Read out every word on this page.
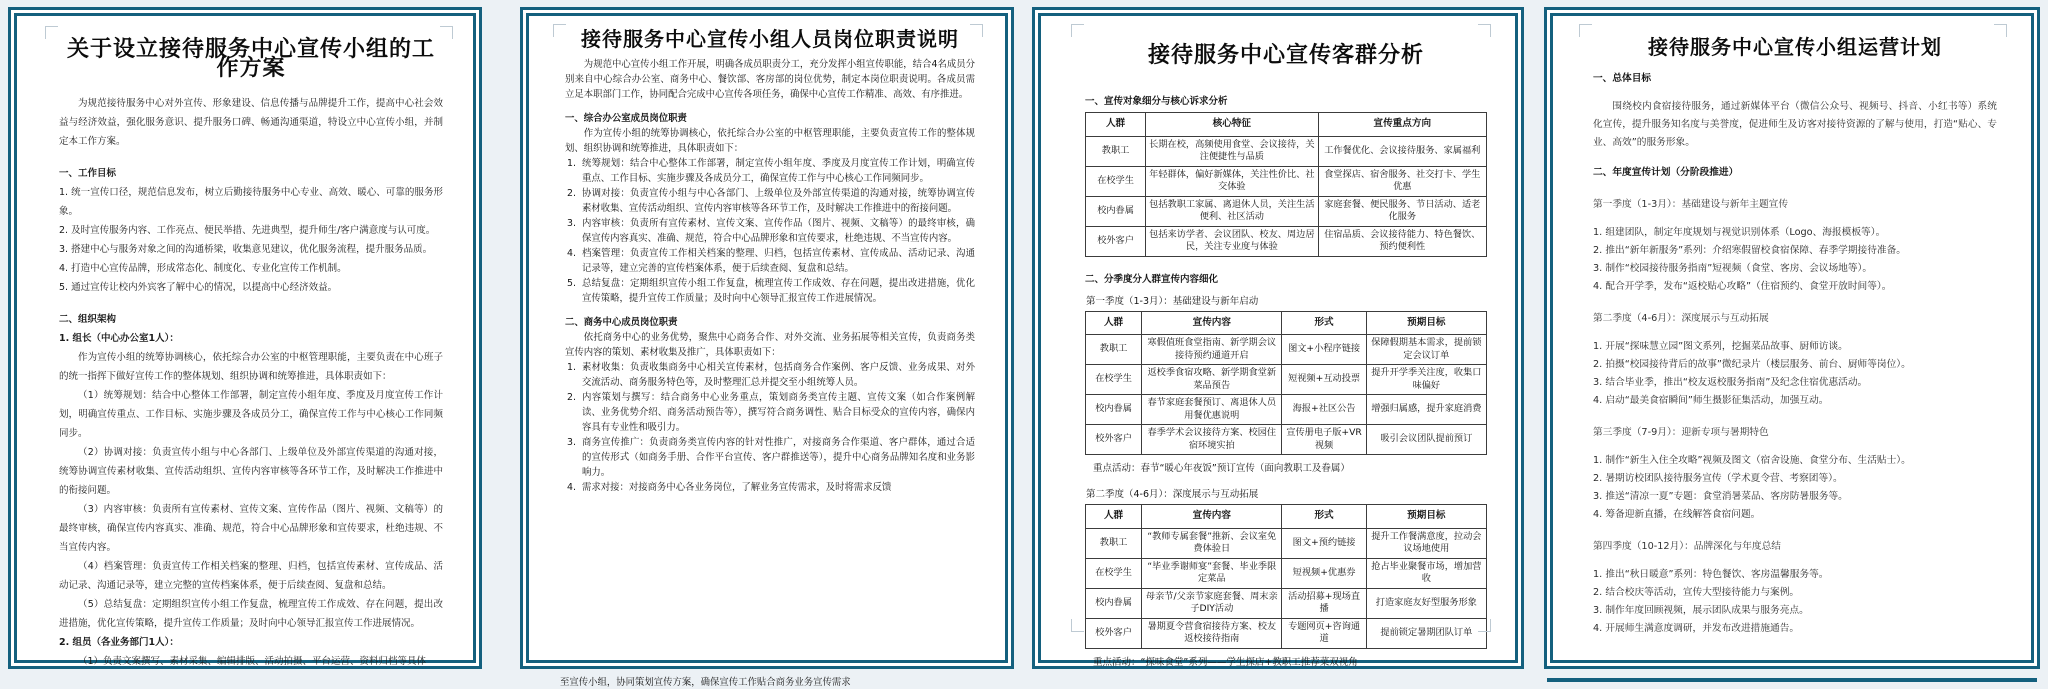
关于设立接待服务中心宣传小组的工作方案
为规范接待服务中心对外宣传、形象建设、信息传播与品牌提升工作，提高中心社会效益与经济效益，强化服务意识、提升服务口碑、畅通沟通渠道，特设立中心宣传小组，并制定本工作方案。
一、工作目标
1. 统一宣传口径，规范信息发布，树立后勤接待服务中心专业、高效、暖心、可靠的服务形象。
2. 及时宣传服务内容、工作亮点、便民举措、先进典型，提升师生/客户满意度与认可度。
3. 搭建中心与服务对象之间的沟通桥梁，收集意见建议，优化服务流程，提升服务品质。
4. 打造中心宣传品牌，形成常态化、制度化、专业化宣传工作机制。
5. 通过宣传让校内外宾客了解中心的情况，以提高中心经济效益。
二、组织架构
1. 组长（中心办公室1人）：
作为宣传小组的统筹协调核心，依托综合办公室的中枢管理职能，主要负责在中心班子的统一指挥下做好宣传工作的整体规划、组织协调和统筹推进，具体职责如下：
（1）统筹规划：结合中心整体工作部署，制定宣传小组年度、季度及月度宣传工作计划，明确宣传重点、工作目标、实施步骤及各成员分工，确保宣传工作与中心核心工作同频同步。
（2）协调对接：负责宣传小组与中心各部门、上级单位及外部宣传渠道的沟通对接，统筹协调宣传素材收集、宣传活动组织、宣传内容审核等各环节工作，及时解决工作推进中的衔接问题。
（3）内容审核：负责所有宣传素材、宣传文案、宣传作品（图片、视频、文稿等）的最终审核，确保宣传内容真实、准确、规范，符合中心品牌形象和宣传要求，杜绝违规、不当宣传内容。
（4）档案管理：负责宣传工作相关档案的整理、归档，包括宣传素材、宣传成品、活动记录、沟通记录等，建立完整的宣传档案体系，便于后续查阅、复盘和总结。
（5）总结复盘：定期组织宣传小组工作复盘，梳理宣传工作成效、存在问题，提出改进措施，优化宣传策略，提升宣传工作质量；及时向中心领导汇报宣传工作进展情况。
2. 组员（各业务部门1人）：
（1）负责文案撰写、素材采集、编辑排版、活动拍摄、平台运营、资料归档等具体
接待服务中心宣传小组人员岗位职责说明
为规范中心宣传小组工作开展，明确各成员职责分工，充分发挥小组宣传职能，结合4名成员分别来自中心综合办公室、商务中心、餐饮部、客房部的岗位优势，制定本岗位职责说明。各成员需立足本职部门工作，协同配合完成中心宣传各项任务，确保中心宣传工作精准、高效、有序推进。
一、综合办公室成员岗位职责
作为宣传小组的统筹协调核心，依托综合办公室的中枢管理职能，主要负责宣传工作的整体规划、组织协调和统筹推进，具体职责如下：
1. 统筹规划：结合中心整体工作部署，制定宣传小组年度、季度及月度宣传工作计划，明确宣传重点、工作目标、实施步骤及各成员分工，确保宣传工作与中心核心工作同频同步。
2. 协调对接：负责宣传小组与中心各部门、上级单位及外部宣传渠道的沟通对接，统筹协调宣传素材收集、宣传活动组织、宣传内容审核等各环节工作，及时解决工作推进中的衔接问题。
3. 内容审核：负责所有宣传素材、宣传文案、宣传作品（图片、视频、文稿等）的最终审核，确保宣传内容真实、准确、规范，符合中心品牌形象和宣传要求，杜绝违规、不当宣传内容。
4. 档案管理：负责宣传工作相关档案的整理、归档，包括宣传素材、宣传成品、活动记录、沟通记录等，建立完善的宣传档案体系，便于后续查阅、复盘和总结。
5. 总结复盘：定期组织宣传小组工作复盘，梳理宣传工作成效、存在问题，提出改进措施，优化宣传策略，提升宣传工作质量；及时向中心领导汇报宣传工作进展情况。
二、商务中心成员岗位职责
依托商务中心的业务优势，聚焦中心商务合作、对外交流、业务拓展等相关宣传，负责商务类宣传内容的策划、素材收集及推广，具体职责如下：
1. 素材收集：负责收集商务中心相关宣传素材，包括商务合作案例、客户反馈、业务成果、对外交流活动、商务服务特色等，及时整理汇总并提交至小组统筹人员。
2. 内容策划与撰写：结合商务中心业务重点，策划商务类宣传主题、宣传文案（如合作案例解读、业务优势介绍、商务活动预告等），撰写符合商务调性、贴合目标受众的宣传内容，确保内容具有专业性和吸引力。
3. 商务宣传推广：负责商务类宣传内容的针对性推广，对接商务合作渠道、客户群体，通过合适的宣传形式（如商务手册、合作平台宣传、客户群推送等），提升中心商务品牌知名度和业务影响力。
4. 需求对接：对接商务中心各业务岗位，了解业务宣传需求，及时将需求反馈
至宣传小组，协同策划宣传方案，确保宣传工作贴合商务业务宣传需求
接待服务中心宣传客群分析
一、宣传对象细分与核心诉求分析
人群	核心特征	宣传重点方向
教职工	长期在校，高频使用食堂、会议接待，关注便捷性与品质	工作餐优化、会议接待服务、家属福利
在校学生	年轻群体，偏好新媒体，关注性价比、社交体验	食堂探店、宿舍服务、社交打卡、学生优惠
校内眷属	包括教职工家属、离退休人员，关注生活便利、社区活动	家庭套餐、便民服务、节日活动、适老化服务
校外客户	包括来访学者、会议团队、校友、周边居民，关注专业度与体验	住宿品质、会议接待能力、特色餐饮、预约便利性
二、分季度分人群宣传内容细化
第一季度（1-3月）：基础建设与新年启动
人群	宣传内容	形式	预期目标
教职工	寒假值班食堂指南、新学期会议接待预约通道开启	图文+小程序链接	保障假期基本需求，提前锁定会议订单
在校学生	返校季食宿攻略、新学期食堂新菜品预告	短视频+互动投票	提升开学季关注度，收集口味偏好
校内眷属	春节家庭套餐预订、离退休人员用餐优惠说明	海报+社区公告	增强归属感，提升家庭消费
校外客户	春季学术会议接待方案、校园住宿环境实拍	宣传册电子版+VR视频	吸引会议团队提前预订
重点活动：春节“暖心年夜饭”预订宣传（面向教职工及眷属）
第二季度（4-6月）：深度展示与互动拓展
人群	宣传内容	形式	预期目标
教职工	“教师专属套餐”推新、会议室免费体验日	图文+预约链接	提升工作餐满意度，拉动会议场地使用
在校学生	“毕业季谢师宴”套餐、毕业季限定菜品	短视频+优惠券	抢占毕业聚餐市场，增加营收
校内眷属	母亲节/父亲节家庭套餐、周末亲子DIY活动	活动招募+现场直播	打造家庭友好型服务形象
校外客户	暑期夏令营食宿接待方案、校友返校接待指南	专题网页+咨询通道	提前锁定暑期团队订单
重点活动：“探味食堂”系列——学生探店+教职工推荐菜双视角
接待服务中心宣传小组运营计划
一、总体目标
围绕校内食宿接待服务，通过新媒体平台（微信公众号、视频号、抖音、小红书等）系统化宣传，提升服务知名度与美誉度，促进师生及访客对接待资源的了解与使用，打造“贴心、专业、高效”的服务形象。
二、年度宣传计划（分阶段推进）
第一季度（1-3月）：基础建设与新年主题宣传
1. 组建团队，制定年度规划与视觉识别体系（Logo、海报模板等）。
2. 推出“新年新服务”系列：介绍寒假留校食宿保障、春季学期接待准备。
3. 制作“校园接待服务指南”短视频（食堂、客房、会议场地等）。
4. 配合开学季，发布“返校贴心攻略”（住宿预约、食堂开放时间等）。
第二季度（4-6月）：深度展示与互动拓展
1. 开展“探味慧立园”图文系列，挖掘菜品故事、厨师访谈。
2. 拍摄“校园接待背后的故事”微纪录片（楼层服务、前台、厨师等岗位）。
3. 结合毕业季，推出“校友返校服务指南”及纪念住宿优惠活动。
4. 启动“最美食宿瞬间”师生摄影征集活动，加强互动。
第三季度（7-9月）：迎新专项与暑期特色
1. 制作“新生入住全攻略”视频及图文（宿舍设施、食堂分布、生活贴士）。
2. 暑期访校团队接待服务宣传（学术夏令营、考察团等）。
3. 推送“清凉一夏”专题：食堂消暑菜品、客房防暑服务等。
4. 筹备迎新直播，在线解答食宿问题。
第四季度（10-12月）：品牌深化与年度总结
1. 推出“秋日暖意”系列：特色餐饮、客房温馨服务等。
2. 结合校庆等活动，宣传大型接待能力与案例。
3. 制作年度回顾视频，展示团队成果与服务亮点。
4. 开展师生满意度调研，并发布改进措施通告。
